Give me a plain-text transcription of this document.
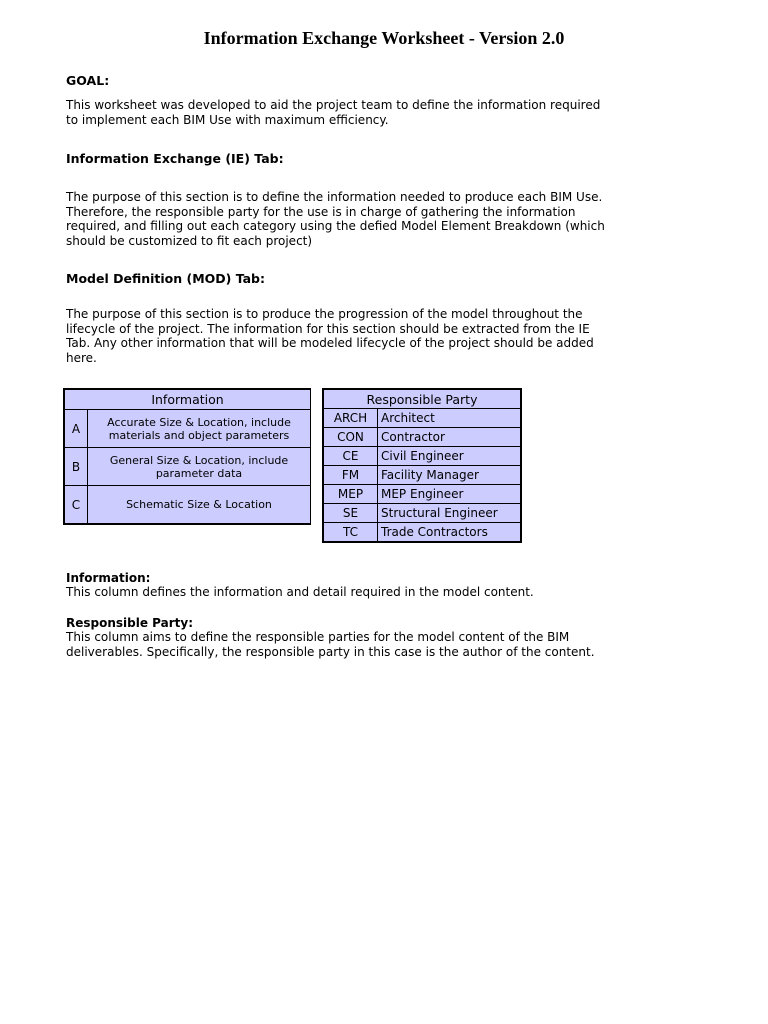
Information Exchange Worksheet - Version 2.0
GOAL:
This worksheet was developed to aid the project team to define the information required
to implement each BIM Use with maximum efficiency.
Information Exchange (IE) Tab:
The purpose of this section is to define the information needed to produce each BIM Use.
Therefore, the responsible party for the use is in charge of gathering the information
required, and filling out each category using the defied Model Element Breakdown (which
should be customized to fit each project)
Model Definition (MOD) Tab:
The purpose of this section is to produce the progression of the model throughout the
lifecycle of the project. The information for this section should be extracted from the IE
Tab. Any other information that will be modeled lifecycle of the project should be added
here.
Information	
A	Accurate Size & Location, include
materials and object parameters

B	General Size & Location, include
parameter data

C	Schematic Size & Location
Responsible Party	
ARCH	Architect
CON	Contractor
CE	Civil Engineer
FM	Facility Manager
MEP	MEP Engineer
SE	Structural Engineer
TC	Trade Contractors
Information:
This column defines the information and detail required in the model content.
Responsible Party:
This column aims to define the responsible parties for the model content of the BIM
deliverables. Specifically, the responsible party in this case is the author of the content.
